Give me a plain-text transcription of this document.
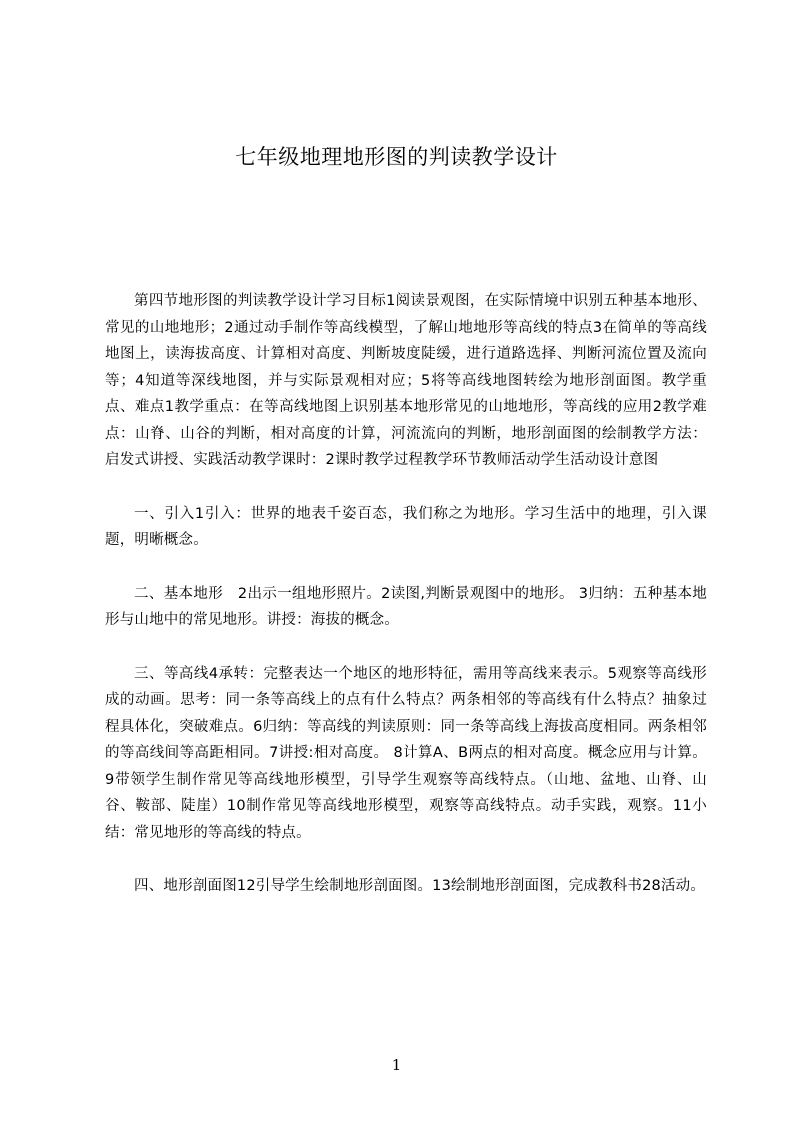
七年级地理地形图的判读教学设计

第四节地形图的判读教学设计学习目标1阅读景观图，在实际情境中识别五种基本地形、常见的山地地形；2通过动手制作等高线模型，了解山地地形等高线的特点3在简单的等高线地图上，读海拔高度、计算相对高度、判断坡度陡缓，进行道路选择、判断河流位置及流向等；4知道等深线地图，并与实际景观相对应；5将等高线地图转绘为地形剖面图。教学重点、难点1教学重点：在等高线地图上识别基本地形常见的山地地形，等高线的应用2教学难点：山脊、山谷的判断，相对高度的计算，河流流向的判断，地形剖面图的绘制教学方法：启发式讲授、实践活动教学课时：2课时教学过程教学环节教师活动学生活动设计意图

一、引入1引入：世界的地表千姿百态，我们称之为地形。学习生活中的地理，引入课题，明晰概念。

二、基本地形　2出示一组地形照片。2读图,判断景观图中的地形。 3归纳：五种基本地形与山地中的常见地形。讲授：海拔的概念。

三、等高线4承转：完整表达一个地区的地形特征，需用等高线来表示。5观察等高线形成的动画。思考：同一条等高线上的点有什么特点？两条相邻的等高线有什么特点？抽象过程具体化，突破难点。6归纳：等高线的判读原则：同一条等高线上海拔高度相同。两条相邻的等高线间等高距相同。7讲授:相对高度。 8计算A、B两点的相对高度。概念应用与计算。9带领学生制作常见等高线地形模型，引导学生观察等高线特点。（山地、盆地、山脊、山谷、鞍部、陡崖）10制作常见等高线地形模型，观察等高线特点。动手实践，观察。11小结：常见地形的等高线的特点。

四、地形剖面图12引导学生绘制地形剖面图。13绘制地形剖面图，完成教科书28活动。

1
